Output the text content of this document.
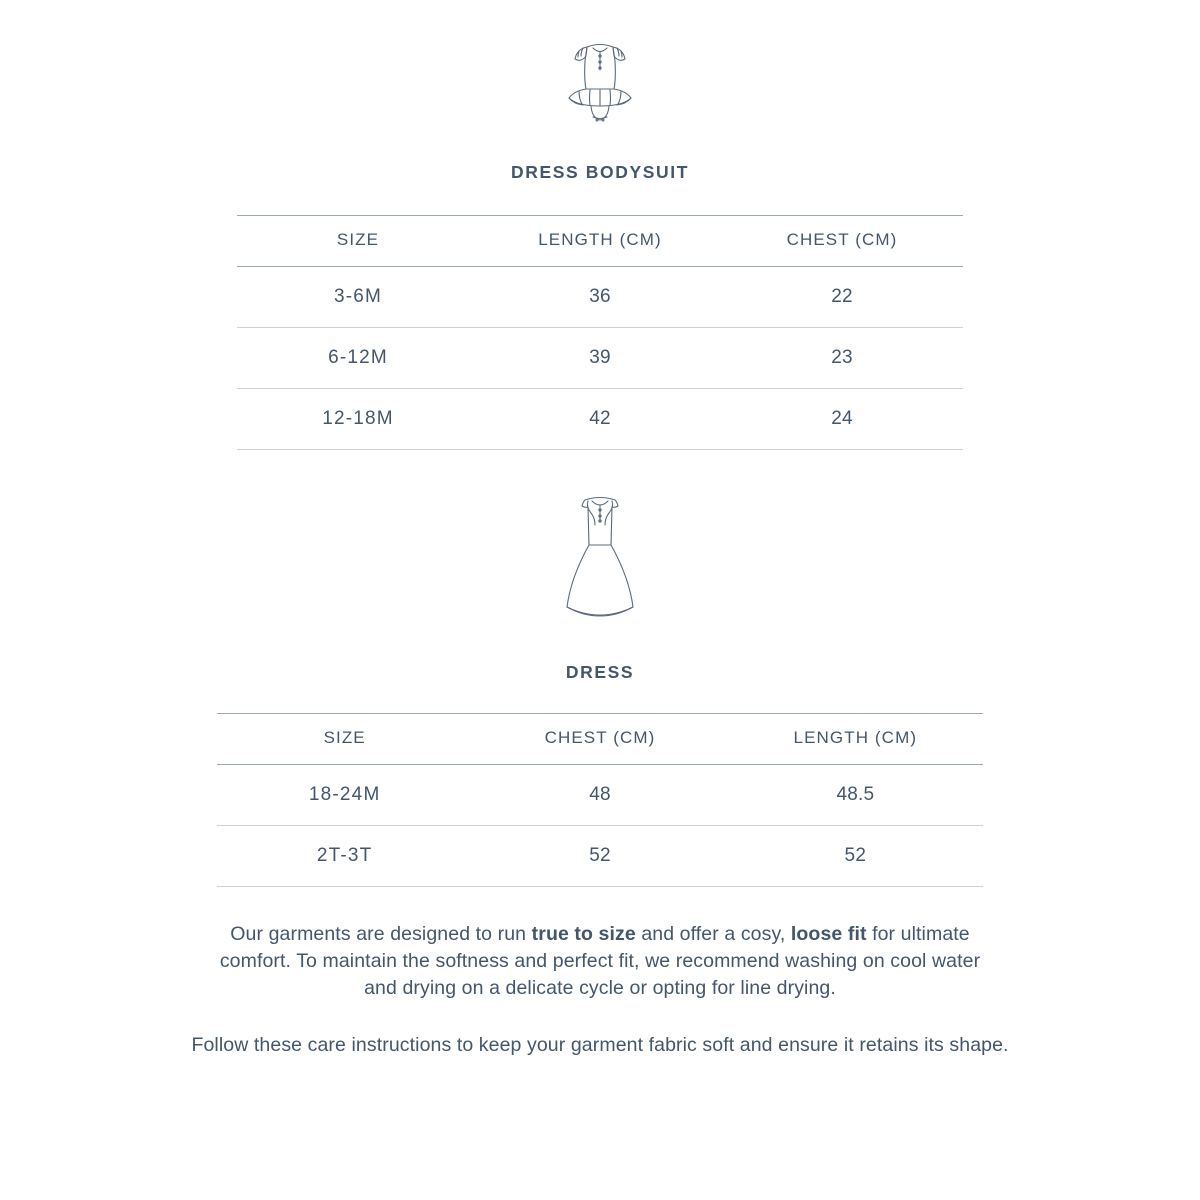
DRESS BODYSUIT
SIZE	LENGTH (CM)	CHEST (CM)
3-6M	36	22
6-12M	39	23
12-18M	42	24
DRESS
SIZE	CHEST (CM)	LENGTH (CM)
18-24M	48	48.5
2T-3T	52	52
Our garments are designed to run true to size and offer a cosy, loose fit for ultimate comfort. To maintain the softness and perfect fit, we recommend washing on cool water and drying on a delicate cycle or opting for line drying.
Follow these care instructions to keep your garment fabric soft and ensure it retains its shape.
